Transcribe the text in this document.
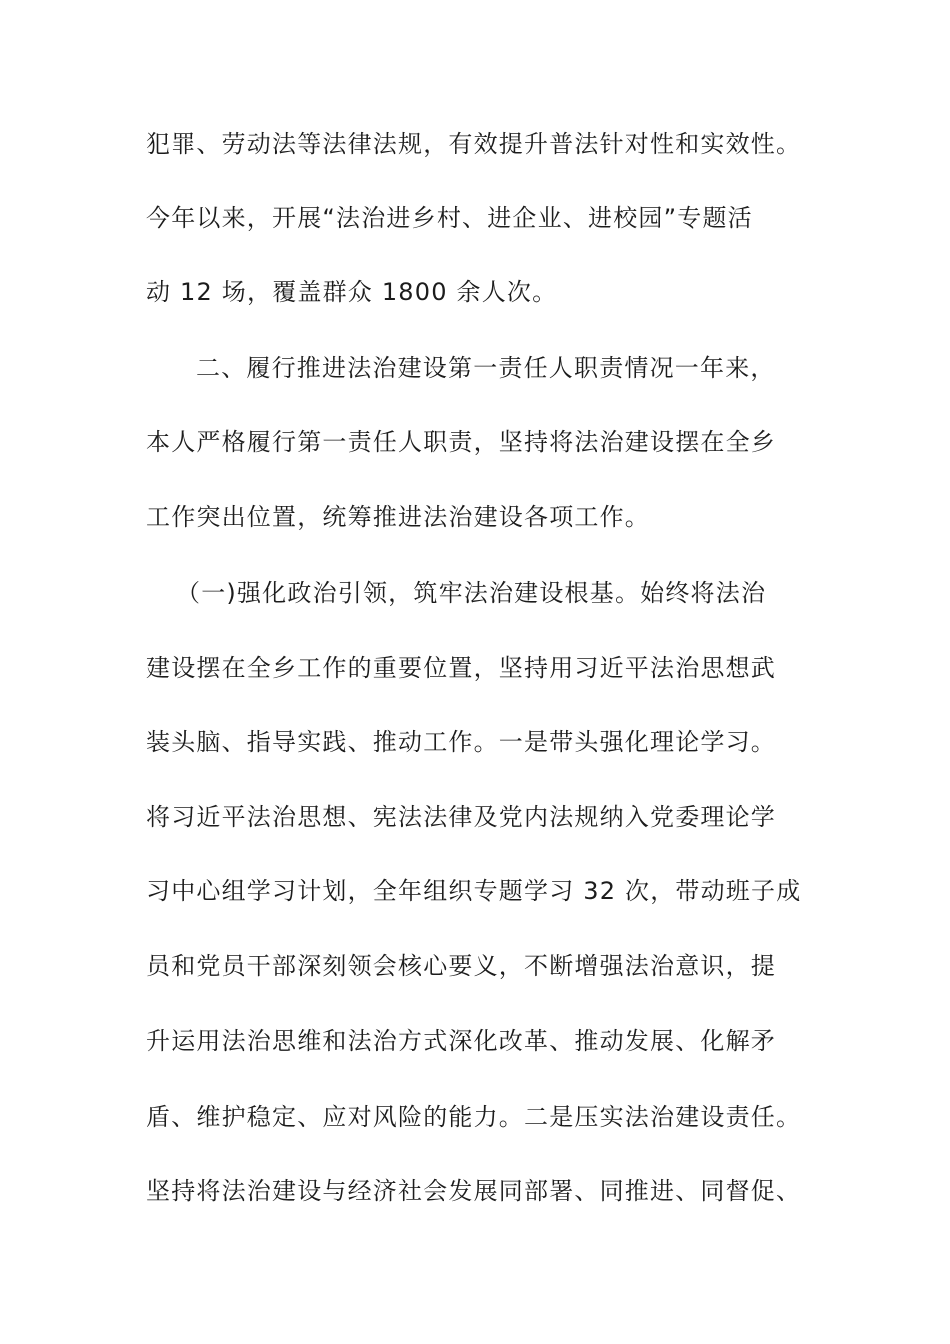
犯罪、劳动法等法律法规，有效提升普法针对性和实效性。
今年以来，开展“法治进乡村、进企业、进校园”专题活
动 12 场，覆盖群众 1800 余人次。
二、履行推进法治建设第一责任人职责情况一年来，
本人严格履行第一责任人职责，坚持将法治建设摆在全乡
工作突出位置，统筹推进法治建设各项工作。
（一)强化政治引领，筑牢法治建设根基。始终将法治
建设摆在全乡工作的重要位置，坚持用习近平法治思想武
装头脑、指导实践、推动工作。一是带头强化理论学习。
将习近平法治思想、宪法法律及党内法规纳入党委理论学
习中心组学习计划，全年组织专题学习 32 次，带动班子成
员和党员干部深刻领会核心要义，不断增强法治意识，提
升运用法治思维和法治方式深化改革、推动发展、化解矛
盾、维护稳定、应对风险的能力。二是压实法治建设责任。
坚持将法治建设与经济社会发展同部署、同推进、同督促、
